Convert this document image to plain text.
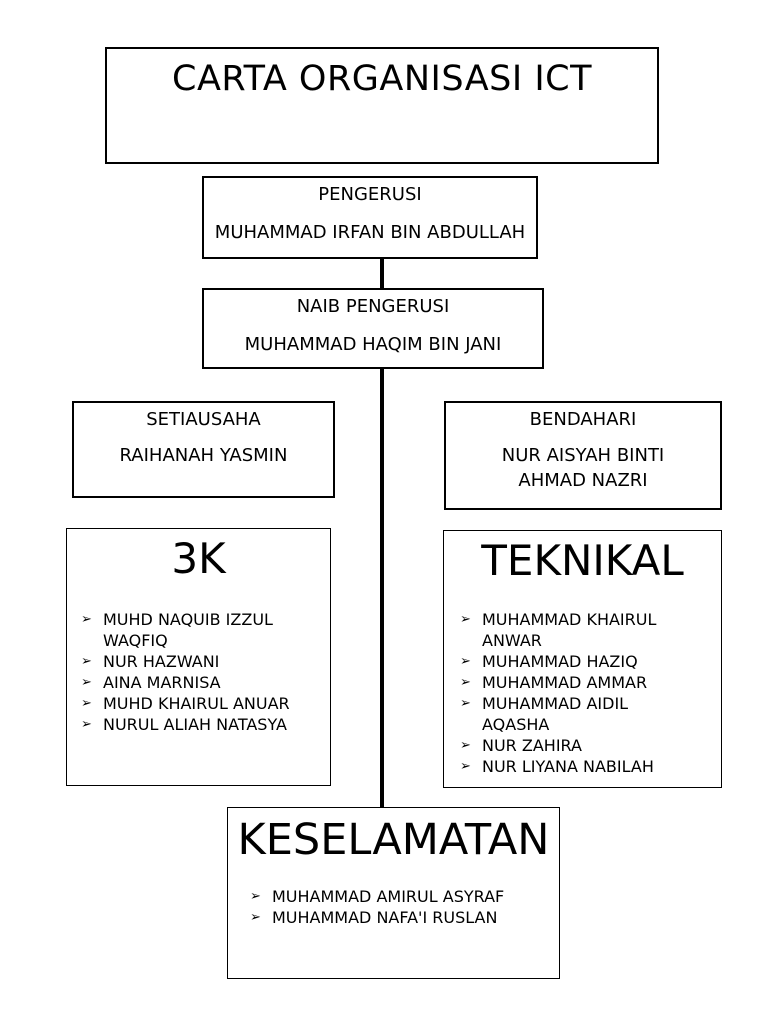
CARTA ORGANISASI ICT
PENGERUSI
MUHAMMAD IRFAN BIN ABDULLAH
NAIB PENGERUSI
MUHAMMAD HAQIM BIN JANI
SETIAUSAHA
RAIHANAH YASMIN
BENDAHARI
NUR AISYAH BINTI AHMAD NAZRI
3K
➢ MUHD NAQUIB IZZUL WAQFIQ
➢ NUR HAZWANI
➢ AINA MARNISA
➢ MUHD KHAIRUL ANUAR
➢ NURUL ALIAH NATASYA
TEKNIKAL
➢ MUHAMMAD KHAIRUL ANWAR
➢ MUHAMMAD HAZIQ
➢ MUHAMMAD AMMAR
➢ MUHAMMAD AIDIL AQASHA
➢ NUR ZAHIRA
➢ NUR LIYANA NABILAH
KESELAMATAN
➢ MUHAMMAD AMIRUL ASYRAF
➢ MUHAMMAD NAFA'I RUSLAN
